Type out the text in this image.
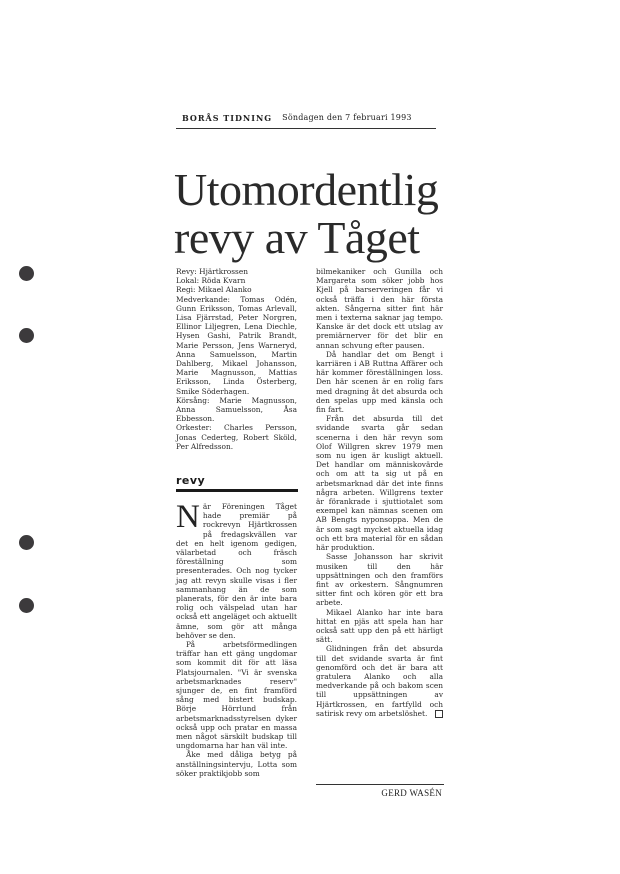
BORÅS TIDNING Söndagen den 7 februari 1993
Utomordentlig
revy av Tåget

Revy: Hjärtkrossen

Lokal: Röda Kvarn

Regi: Mikael Alanko

Medverkande: Tomas Odén, Gunn Eriksson, Tomas Arlevall, Lisa Fjärrstad, Peter Norgren, Ellinor Liljegren, Lena Diechle, Hysen Gashi, Patrik Brandt, Marie Persson, Jens Warneryd, Anna Samuelsson, Martin Dahlberg, Mikael Johansson, Marie Magnusson, Mattias Eriksson, Linda Österberg, Smike Söderhagen.

Körsång: Marie Magnusson, Anna Samuelsson, Åsa Ebbesson.

Orkester: Charles Persson, Jonas Cederteg, Robert Sköld, Per Alfredsson.

revy

När Föreningen Tåget hade premiär på rockrevyn Hjärtkrossen på fredagskvällen var det en helt igenom gedigen, välarbetad och fräsch föreställning som presenterades. Och nog tycker jag att revyn skulle visas i fler sammanhang än de som planerats, för den är inte bara rolig och välspelad utan har också ett angeläget och aktuellt ämne, som gör att många behöver se den.

På arbetsförmedlingen träffar han ett gäng ungdomar som kommit dit för att läsa Platsjournalen. "Vi är svenska arbetsmarknades reserv" sjunger de, en fint framförd sång med bistert budskap. Börje Hörrlund från arbetsmarknadsstyrelsen dyker också upp och pratar en massa men något särskilt budskap till ungdomarna har han väl inte.

Åke med dåliga betyg på anställningsintervju, Lotta som söker praktikjobb som

bilmekaniker och Gunilla och Margareta som söker jobb hos Kjell på barserveringen får vi också träffa i den här första akten. Sångerna sitter fint här men i texterna saknar jag tempo. Kanske är det dock ett utslag av premiärnerver för det blir en annan schvung efter pausen.

Då handlar det om Bengt i karriären i AB Ruttna Affärer och här kommer föreställningen loss. Den här scenen är en rolig fars med dragning åt det absurda och den spelas upp med känsla och fin fart.

Från det absurda till det svidande svarta går sedan scenerna i den här revyn som Olof Willgren skrev 1979 men som nu igen är kusligt aktuell. Det handlar om människovärde och om att ta sig ut på en arbetsmarknad där det inte finns några arbeten. Willgrens texter är förankrade i sjuttiotalet som exempel kan nämnas scenen om AB Bengts nyponsoppa. Men de är som sagt mycket aktuella idag och ett bra material för en sådan här produktion.

Sasse Johansson har skrivit musiken till den här uppsättningen och den framförs fint av orkestern. Sångnumren sitter fint och kören gör ett bra arbete.

Mikael Alanko har inte bara hittat en pjäs att spela han har också satt upp den på ett härligt sätt.

Glidningen från det absurda till det svidande svarta är fint genomförd och det är bara att gratulera Alanko och alla medverkande på och bakom scen till uppsättningen av Hjärtkrossen, en fartfylld och satirisk revy om arbetslöshet.

GERD WASÉN
